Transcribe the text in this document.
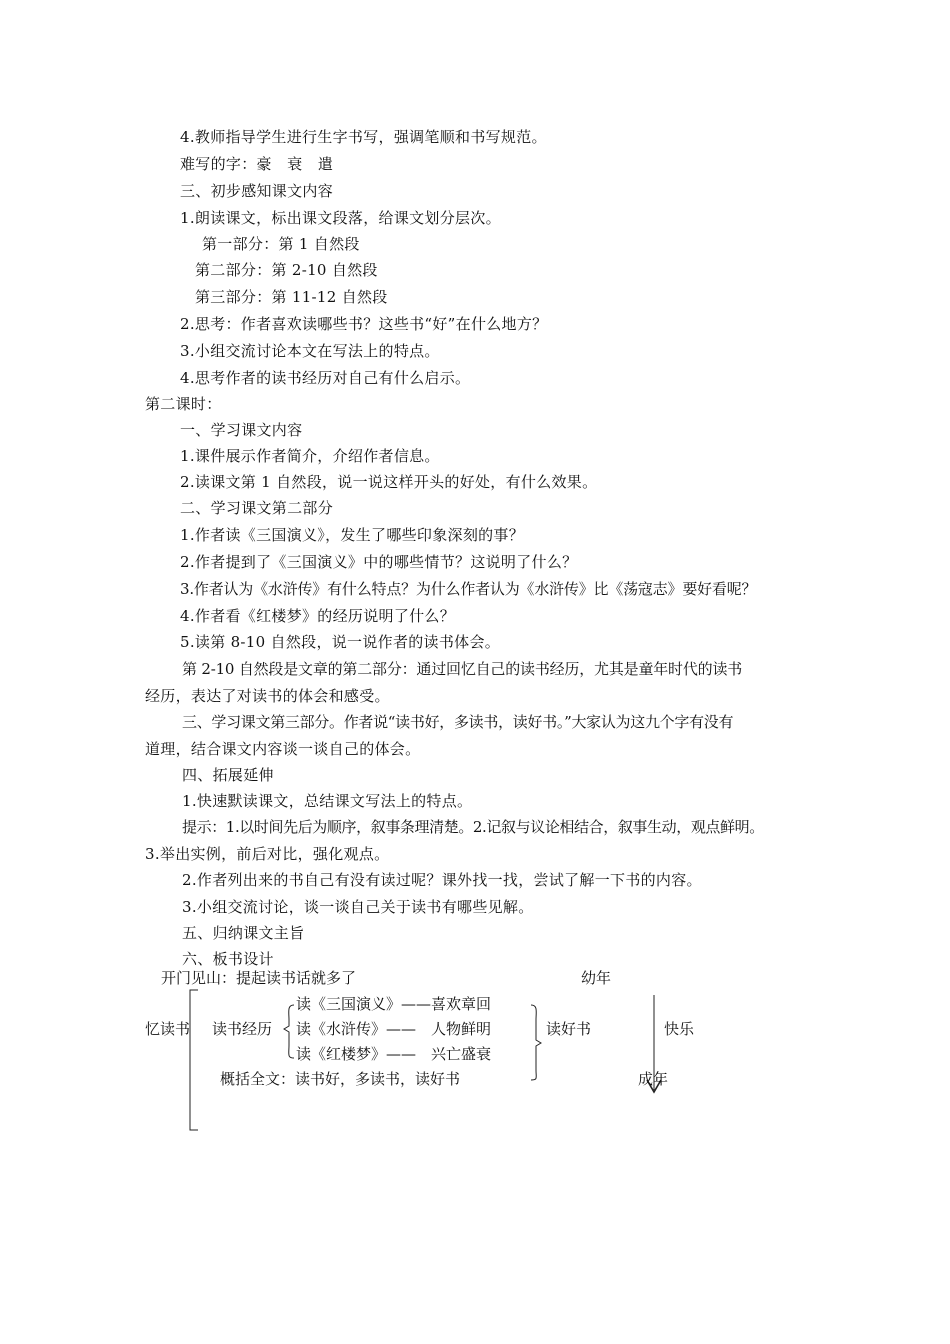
4.教师指导学生进行生字书写，强调笔顺和书写规范。
难写的字：豪　衰　遣
三、初步感知课文内容
1.朗读课文，标出课文段落，给课文划分层次。
第一部分：第 1 自然段
第二部分：第 2-10 自然段
第三部分：第 11-12 自然段
2.思考：作者喜欢读哪些书？这些书“好”在什么地方？
3.小组交流讨论本文在写法上的特点。
4.思考作者的读书经历对自己有什么启示。
第二课时：
一、学习课文内容
1.课件展示作者简介，介绍作者信息。
2.读课文第 1 自然段，说一说这样开头的好处，有什么效果。
二、学习课文第二部分
1.作者读《三国演义》，发生了哪些印象深刻的事？
2.作者提到了《三国演义》中的哪些情节？这说明了什么？
3.作者认为《水浒传》有什么特点？为什么作者认为《水浒传》比《荡寇志》要好看呢？
4.作者看《红楼梦》的经历说明了什么？
5.读第 8-10 自然段，说一说作者的读书体会。
第 2-10 自然段是文章的第二部分：通过回忆自己的读书经历，尤其是童年时代的读书
经历，表达了对读书的体会和感受。
三、学习课文第三部分。作者说“读书好，多读书，读好书。”大家认为这九个字有没有
道理，结合课文内容谈一谈自己的体会。
四、拓展延伸
1.快速默读课文，总结课文写法上的特点。
提示：1.以时间先后为顺序，叙事条理清楚。2.记叙与议论相结合，叙事生动，观点鲜明。
3.举出实例，前后对比，强化观点。
2.作者列出来的书自己有没有读过呢？课外找一找，尝试了解一下书的内容。
3.小组交流讨论，谈一谈自己关于读书有哪些见解。
五、归纳课文主旨
六、板书设计
开门见山：提起读书话就多了	幼年
忆读书 读书经历
读《三国演义》——喜欢章回
读《水浒传》——　人物鲜明
读《红楼梦》——　兴亡盛衰
读好书	快乐
概括全文：读书好，多读书，读好书	成年
